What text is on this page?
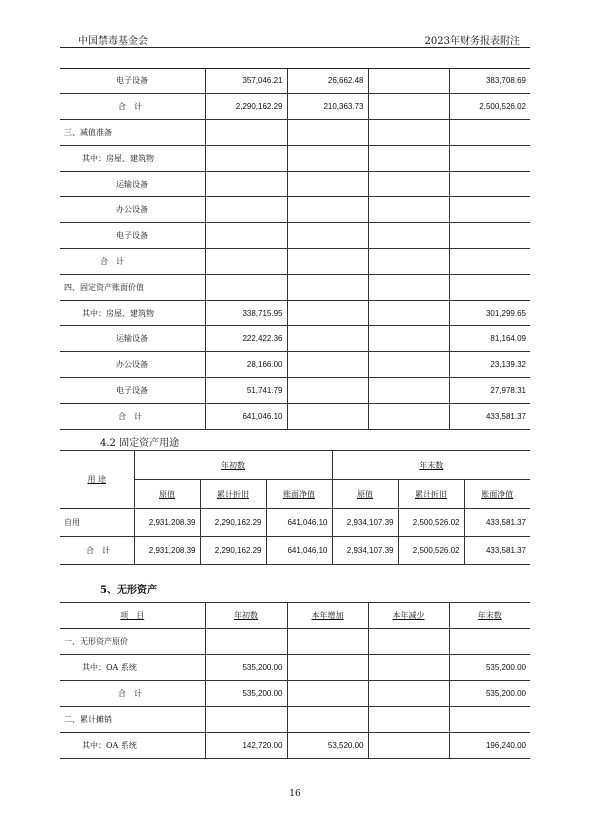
中国禁毒基金会	2023年财务报表附注
电子设备	357,046.21	26,662.48		383,708.69
合　计	2,290,162.29	210,363.73		2,500,526.02
三、减值准备				
其中：房屋、建筑物				
运输设备				
办公设备				
电子设备				
合　计				
四、固定资产账面价值				
其中：房屋、建筑物	338,715.95			301,299.65
运输设备	222,422.36			81,164.09
办公设备	28,166.00			23,139.32
电子设备	51,741.79			27,978.31
合　计	641,046.10			433,581.37
4.2 固定资产用途
用 途	年初数			年末数		
	原值	累计折旧	账面净值	原值	累计折旧	账面净值
自用	2,931,208.39	2,290,162.29	641,046.10	2,934,107.39	2,500,526.02	433,581.37
合　计	2,931,208.39	2,290,162.29	641,046.10	2,934,107.39	2,500,526.02	433,581.37
5、无形资产
项　目	年初数	本年增加	本年减少	年末数
一、无形资产原价				
其中：OA 系统	535,200.00			535,200.00
合　计	535,200.00			535,200.00
二、累计摊销				
其中：OA 系统	142,720.00	53,520.00		196,240.00
16
